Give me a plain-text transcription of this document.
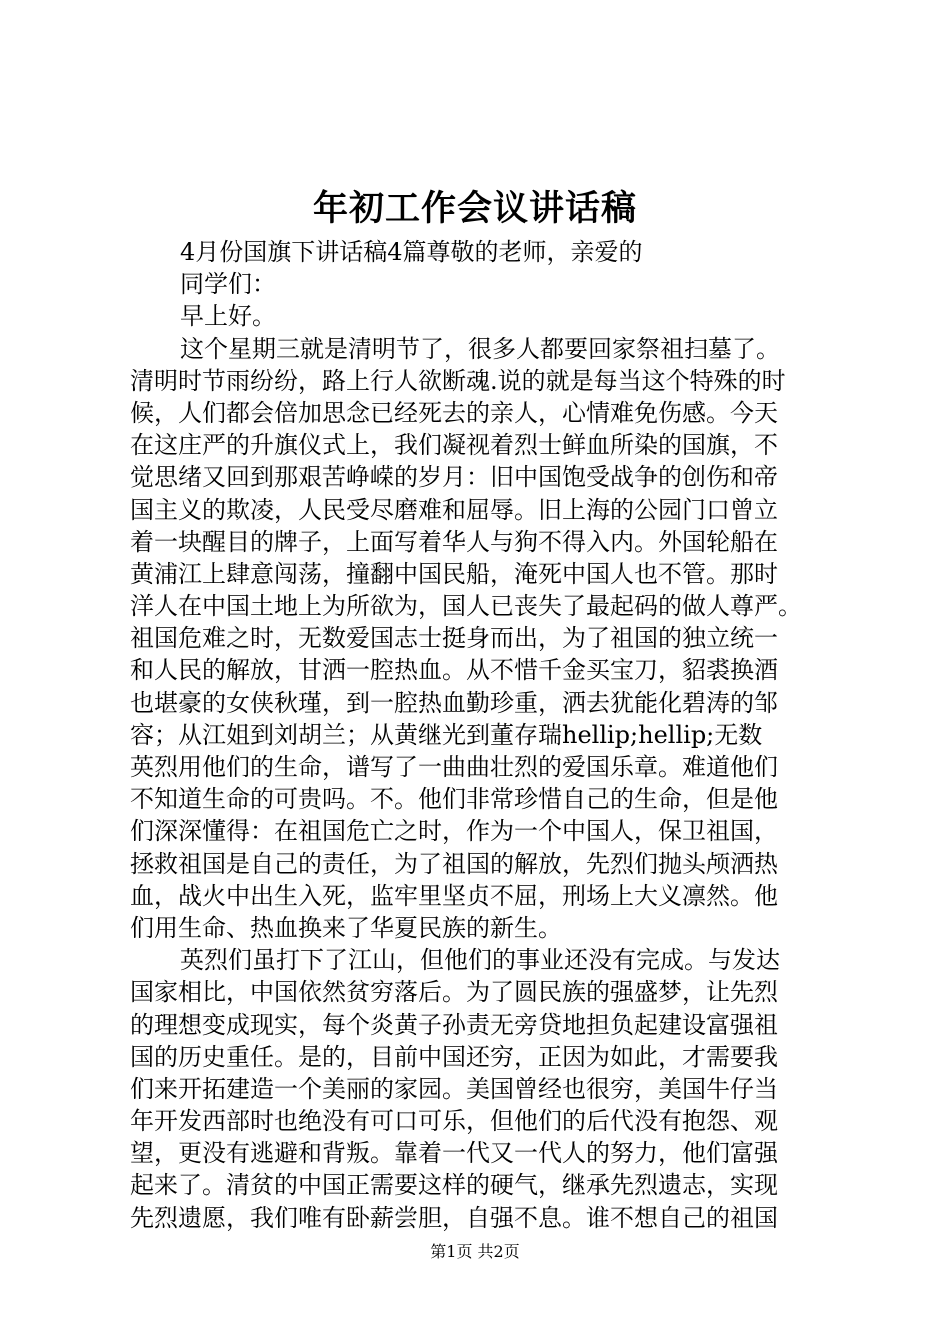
年初工作会议讲话稿
4月份国旗下讲话稿4篇尊敬的老师，亲爱的
同学们：
早上好。
这个星期三就是清明节了，很多人都要回家祭祖扫墓了。
清明时节雨纷纷，路上行人欲断魂.说的就是每当这个特殊的时
候，人们都会倍加思念已经死去的亲人，心情难免伤感。今天
在这庄严的升旗仪式上，我们凝视着烈士鲜血所染的国旗，不
觉思绪又回到那艰苦峥嵘的岁月：旧中国饱受战争的创伤和帝
国主义的欺凌，人民受尽磨难和屈辱。旧上海的公园门口曾立
着一块醒目的牌子，上面写着华人与狗不得入内。外国轮船在
黄浦江上肆意闯荡，撞翻中国民船，淹死中国人也不管。那时
洋人在中国土地上为所欲为，国人已丧失了最起码的做人尊严。
祖国危难之时，无数爱国志士挺身而出，为了祖国的独立统一
和人民的解放，甘洒一腔热血。从不惜千金买宝刀，貂裘换酒
也堪豪的女侠秋瑾，到一腔热血勤珍重，洒去犹能化碧涛的邹
容；从江姐到刘胡兰；从黄继光到董存瑞hellip;hellip;无数
英烈用他们的生命，谱写了一曲曲壮烈的爱国乐章。难道他们
不知道生命的可贵吗。不。他们非常珍惜自己的生命，但是他
们深深懂得：在祖国危亡之时，作为一个中国人，保卫祖国，
拯救祖国是自己的责任，为了祖国的解放，先烈们抛头颅洒热
血，战火中出生入死，监牢里坚贞不屈，刑场上大义凛然。他
们用生命、热血换来了华夏民族的新生。
英烈们虽打下了江山，但他们的事业还没有完成。与发达
国家相比，中国依然贫穷落后。为了圆民族的强盛梦，让先烈
的理想变成现实，每个炎黄子孙责无旁贷地担负起建设富强祖
国的历史重任。是的，目前中国还穷，正因为如此，才需要我
们来开拓建造一个美丽的家园。美国曾经也很穷，美国牛仔当
年开发西部时也绝没有可口可乐，但他们的后代没有抱怨、观
望，更没有逃避和背叛。靠着一代又一代人的努力，他们富强
起来了。清贫的中国正需要这样的硬气，继承先烈遗志，实现
先烈遗愿，我们唯有卧薪尝胆，自强不息。谁不想自己的祖国
第1页 共2页
